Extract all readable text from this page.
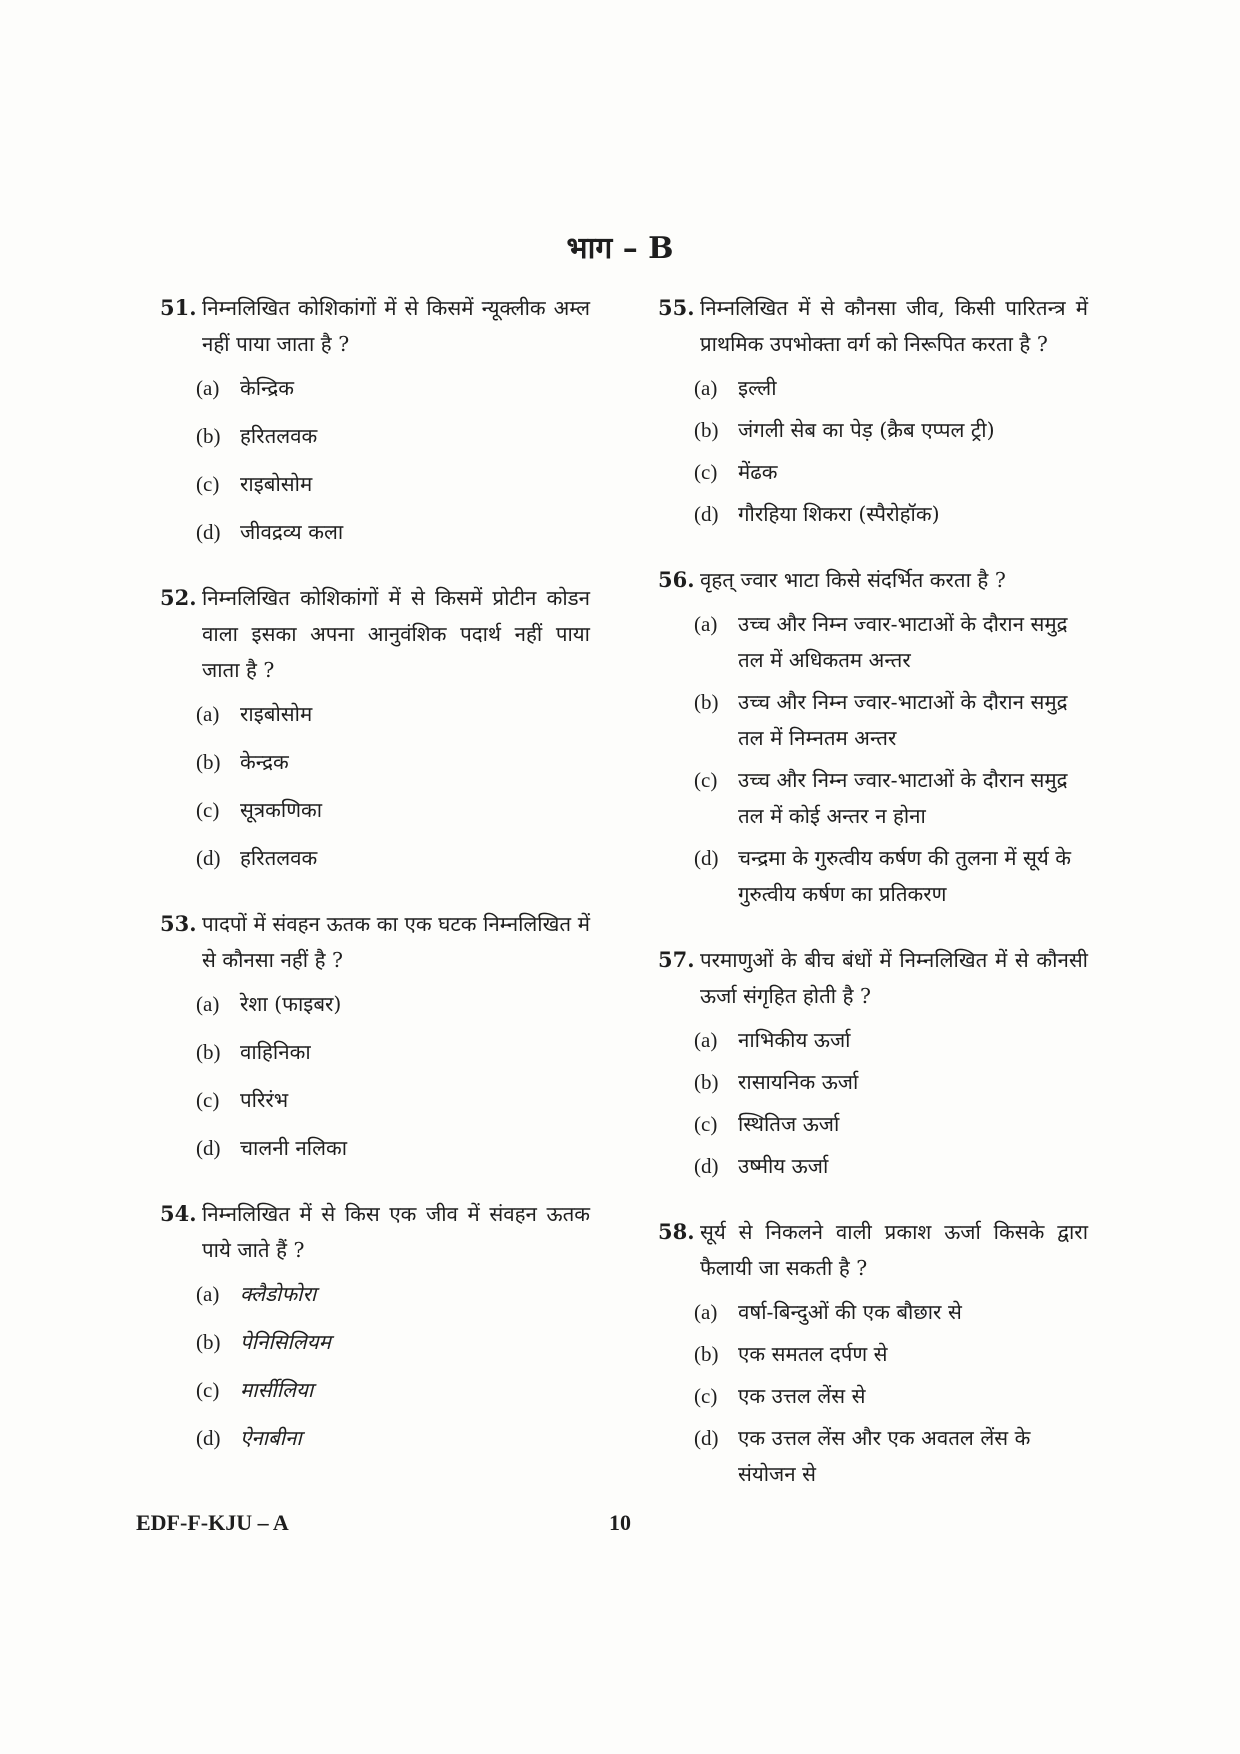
भाग – B
51. निम्नलिखित कोशिकांगों में से किसमें न्यूक्लीक अम्ल नहीं पाया जाता है ?
(a)	केन्द्रिक
(b) हरितलवक
(c)	राइबोसोम
(d) जीवद्रव्य कला
52. निम्नलिखित कोशिकांगों में से किसमें प्रोटीन कोडन वाला इसका अपना आनुवंशिक पदार्थ नहीं पाया जाता है ?
(a)	राइबोसोम
(b) केन्द्रक
(c)	सूत्रकणिका
(d) हरितलवक
53. पादपों में संवहन ऊतक का एक घटक निम्नलिखित में से कौनसा नहीं है ?
(a)	रेशा (फाइबर)
(b) वाहिनिका
(c)	परिरंभ
(d) चालनी नलिका
54. निम्नलिखित में से किस एक जीव में संवहन ऊतक पाये जाते हैं ?
(a)	क्लैडोफोरा
(b) पेनिसिलियम
(c)	मार्सीलिया
(d) ऐनाबीना
55. निम्नलिखित में से कौनसा जीव, किसी पारितन्त्र में प्राथमिक उपभोक्ता वर्ग को निरूपित करता है ?
(a)	इल्ली
(b) जंगली सेब का पेड़ (क्रैब एप्पल ट्री)
(c)	मेंढक
(d) गौरहिया शिकरा (स्पैरोहॉक)
56. वृहत् ज्वार भाटा किसे संदर्भित करता है ?
(a)	उच्च और निम्न ज्वार-भाटाओं के दौरान समुद्र तल में अधिकतम अन्तर
(b) उच्च और निम्न ज्वार-भाटाओं के दौरान समुद्र तल में निम्नतम अन्तर
(c)	उच्च और निम्न ज्वार-भाटाओं के दौरान समुद्र तल में कोई अन्तर न होना
(d) चन्द्रमा के गुरुत्वीय कर्षण की तुलना में सूर्य के गुरुत्वीय कर्षण का प्रतिकरण
57. परमाणुओं के बीच बंधों में निम्नलिखित में से कौनसी ऊर्जा संगृहित होती है ?
(a)	नाभिकीय ऊर्जा
(b) रासायनिक ऊर्जा
(c)	स्थितिज ऊर्जा
(d) उष्मीय ऊर्जा
58. सूर्य से निकलने वाली प्रकाश ऊर्जा किसके द्वारा फैलायी जा सकती है ?
(a)	वर्षा-बिन्दुओं की एक बौछार से
(b) एक समतल दर्पण से
(c)	एक उत्तल लेंस से
(d) एक उत्तल लेंस और एक अवतल लेंस के संयोजन से
EDF-F-KJU – A	10
